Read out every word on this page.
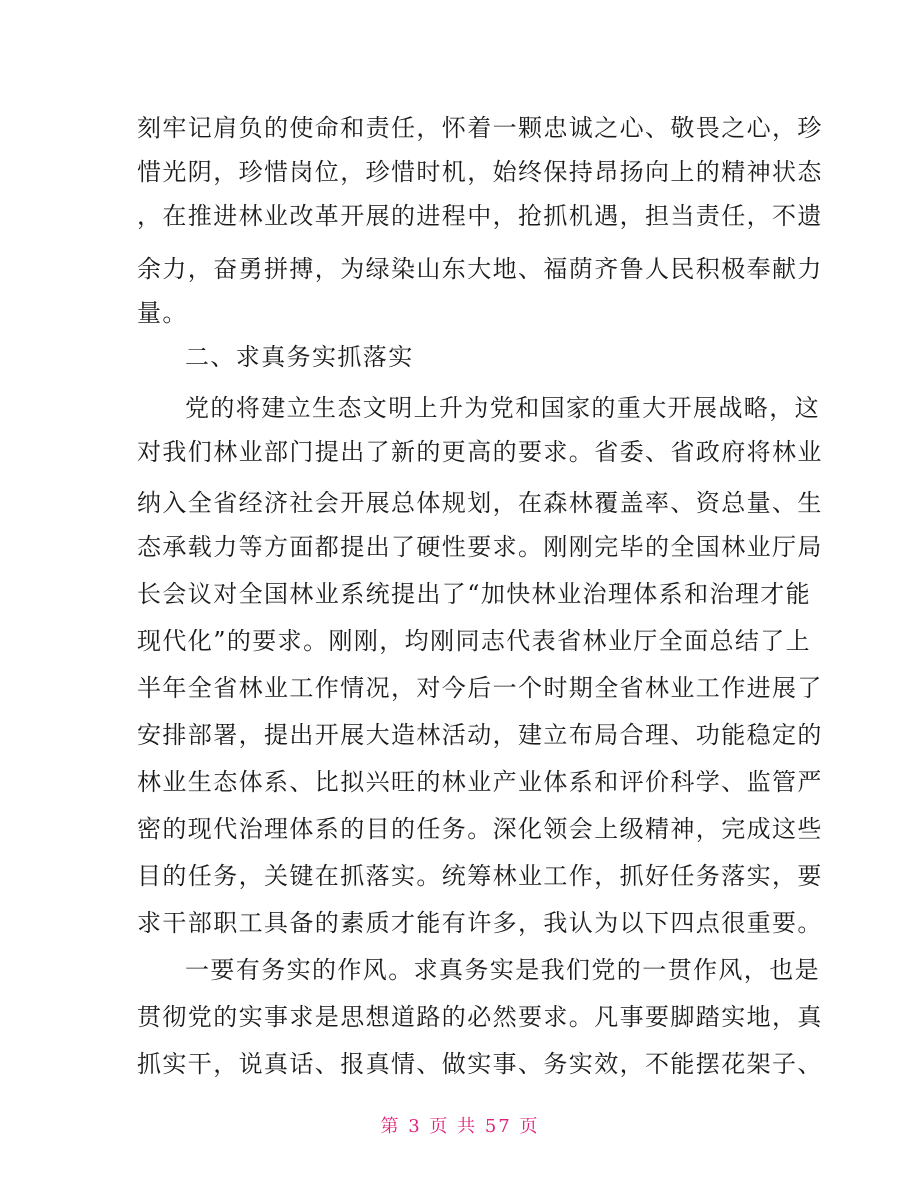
刻牢记肩负的使命和责任，怀着一颗忠诚之心、敬畏之心，珍
惜光阴，珍惜岗位，珍惜时机，始终保持昂扬向上的精神状态
，在推进林业改革开展的进程中，抢抓机遇，担当责任，不遗
余力，奋勇拼搏，为绿染山东大地、福荫齐鲁人民积极奉献力
量。
二、求真务实抓落实
党的将建立生态文明上升为党和国家的重大开展战略，这
对我们林业部门提出了新的更高的要求。省委、省政府将林业
纳入全省经济社会开展总体规划，在森林覆盖率、资总量、生
态承载力等方面都提出了硬性要求。刚刚完毕的全国林业厅局
长会议对全国林业系统提出了“加快林业治理体系和治理才能
现代化”的要求。刚刚，均刚同志代表省林业厅全面总结了上
半年全省林业工作情况，对今后一个时期全省林业工作进展了
安排部署，提出开展大造林活动，建立布局合理、功能稳定的
林业生态体系、比拟兴旺的林业产业体系和评价科学、监管严
密的现代治理体系的目的任务。深化领会上级精神，完成这些
目的任务，关键在抓落实。统筹林业工作，抓好任务落实，要
求干部职工具备的素质才能有许多，我认为以下四点很重要。
一要有务实的作风。求真务实是我们党的一贯作风，也是
贯彻党的实事求是思想道路的必然要求。凡事要脚踏实地，真
抓实干，说真话、报真情、做实事、务实效，不能摆花架子、
第 3 页 共 57 页
